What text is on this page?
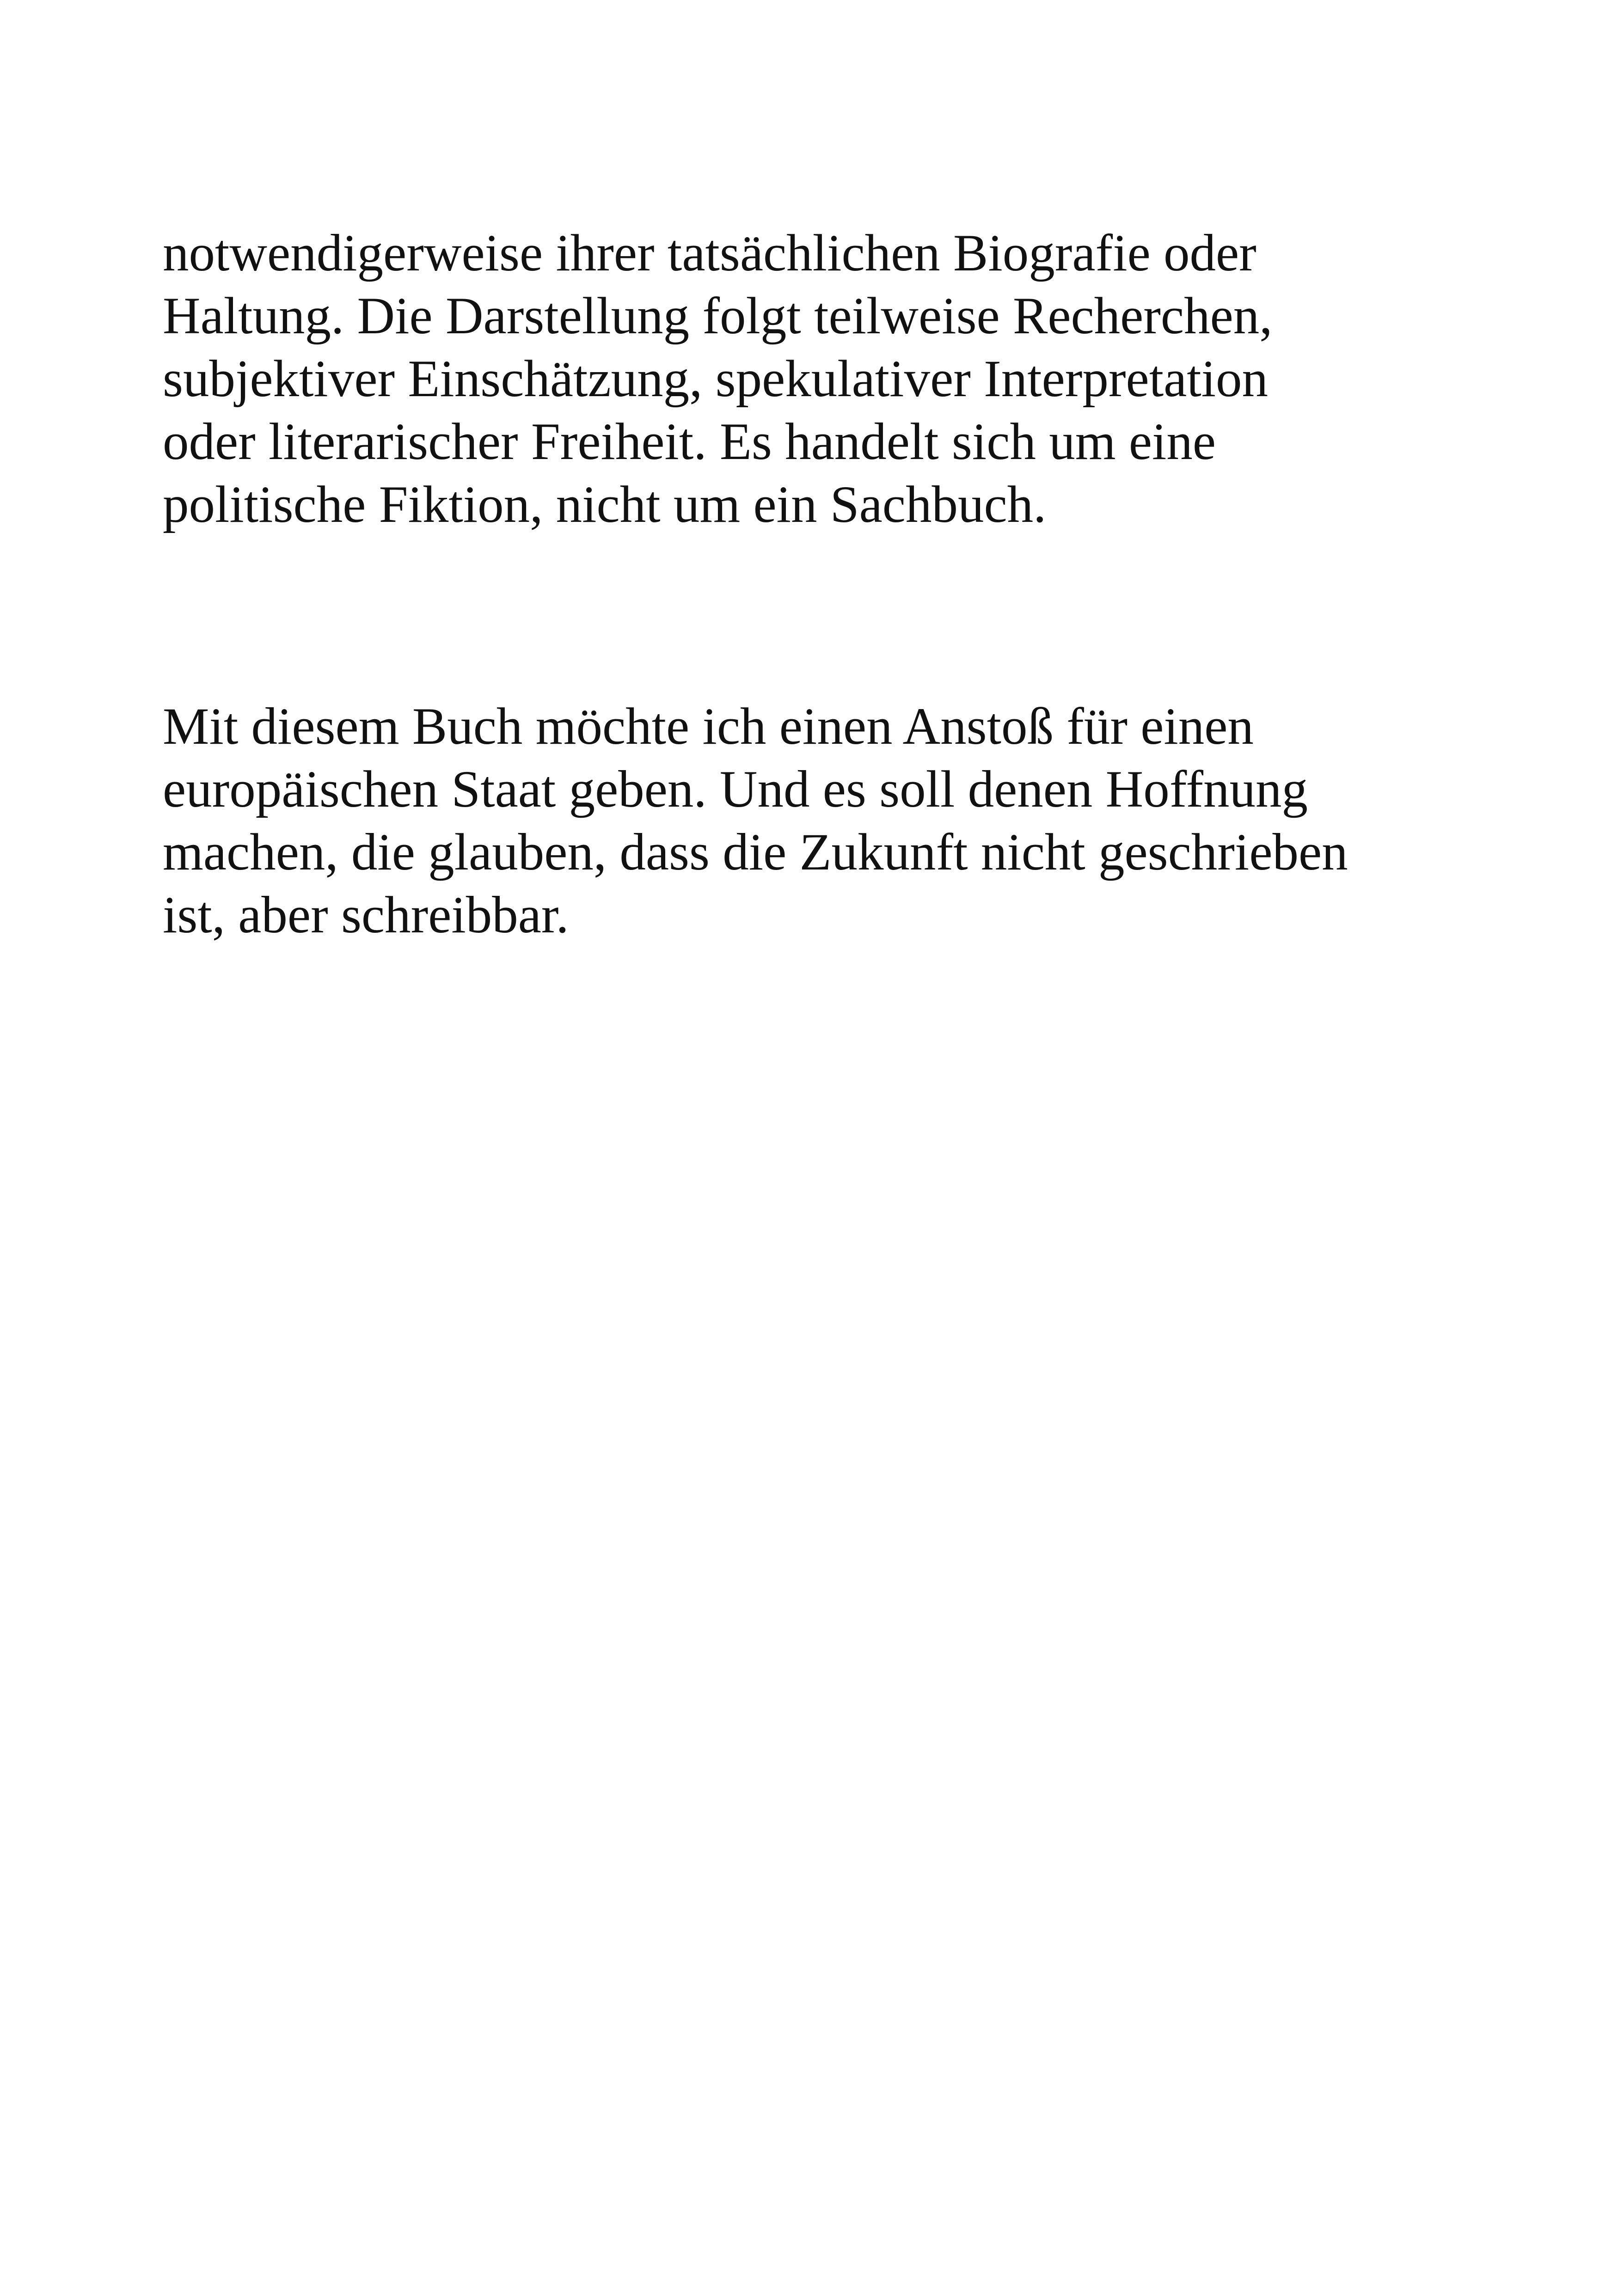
notwendigerweise ihrer tatsächlichen Biografie oder
Haltung. Die Darstellung folgt teilweise Recherchen,
subjektiver Einschätzung, spekulativer Interpretation
oder literarischer Freiheit. Es handelt sich um eine
politische Fiktion, nicht um ein Sachbuch.

Mit diesem Buch möchte ich einen Anstoß für einen
europäischen Staat geben. Und es soll denen Hoffnung
machen, die glauben, dass die Zukunft nicht geschrieben
ist, aber schreibbar.
